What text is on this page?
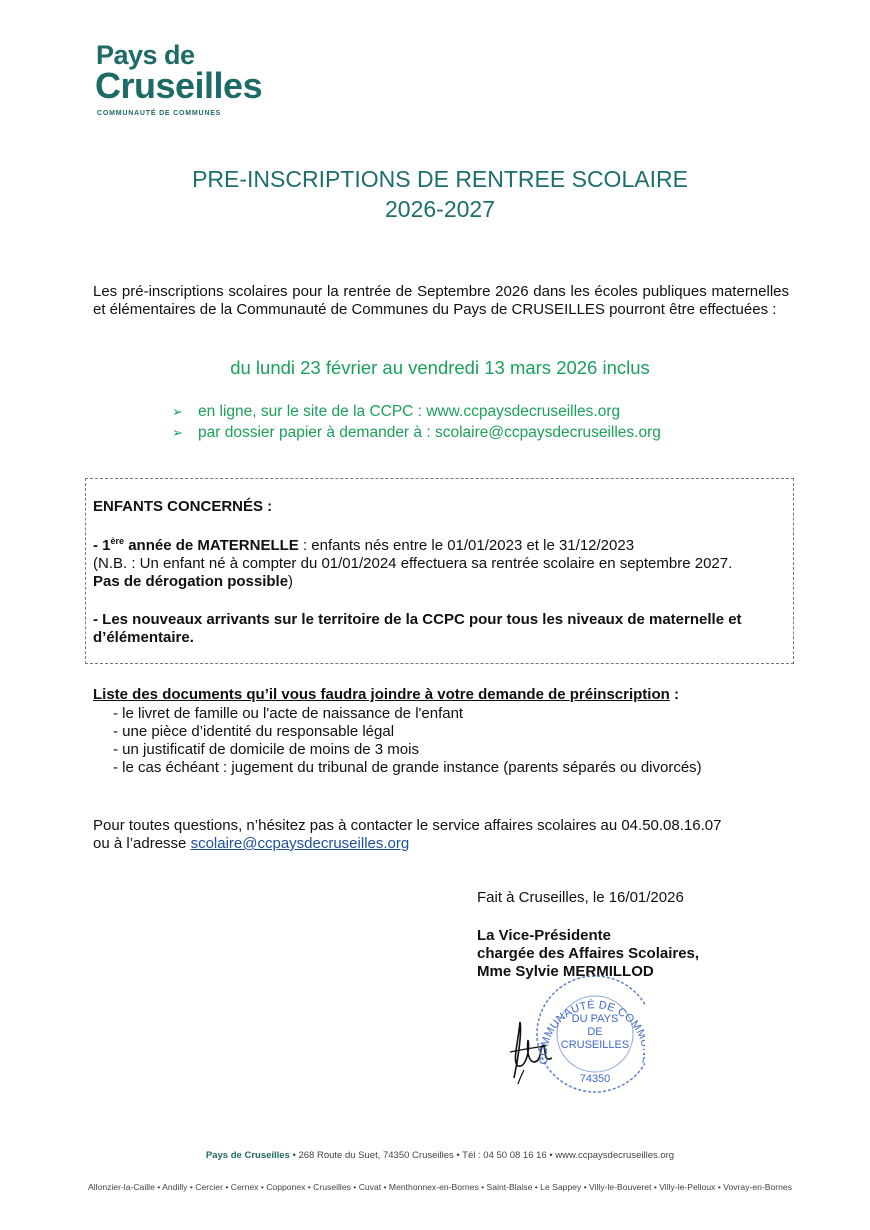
Pays de
Cruseilles
COMMUNAUTÉ DE COMMUNES
PRE-INSCRIPTIONS DE RENTREE SCOLAIRE
2026-2027
Les pré-inscriptions scolaires pour la rentrée de Septembre 2026 dans les écoles publiques maternelles et élémentaires de la Communauté de Communes du Pays de CRUSEILLES pourront être effectuées :
du lundi 23 février au vendredi 13 mars 2026 inclus
➢ en ligne, sur le site de la CCPC : www.ccpaysdecruseilles.org
➢ par dossier papier à demander à : scolaire@ccpaysdecruseilles.org
ENFANTS CONCERNÉS :
- 1ère année de MATERNELLE : enfants nés entre le 01/01/2023 et le 31/12/2023
(N.B. : Un enfant né à compter du 01/01/2024 effectuera sa rentrée scolaire en septembre 2027.
Pas de dérogation possible)
- Les nouveaux arrivants sur le territoire de la CCPC pour tous les niveaux de maternelle et d’élémentaire.
Liste des documents qu’il vous faudra joindre à votre demande de préinscription :
- le livret de famille ou l'acte de naissance de l'enfant
- une pièce d’identité du responsable légal
- un justificatif de domicile de moins de 3 mois
- le cas échéant : jugement du tribunal de grande instance (parents séparés ou divorcés)
Pour toutes questions, n’hésitez pas à contacter le service affaires scolaires au 04.50.08.16.07
ou à l’adresse scolaire@ccpaysdecruseilles.org
Fait à Cruseilles, le 16/01/2026
La Vice-Présidente
chargée des Affaires Scolaires,
Mme Sylvie MERMILLOD
COMMUNAUTÉ DE COM
DU PAYS
DE
CRUSEILLES
74350
Pays de Cruseilles • 268 Route du Suet, 74350 Cruseilles • Tél : 04 50 08 16 16 • www.ccpaysdecruseilles.org
Allonzier-la-Caille • Andilly • Cercier • Cernex • Copponex • Cruseilles • Cuvat • Menthonnex-en-Bornes • Saint-Blaise • Le Sappey • Villy-le-Bouveret • Villy-le-Pelloux • Vovray-en-Bornes
